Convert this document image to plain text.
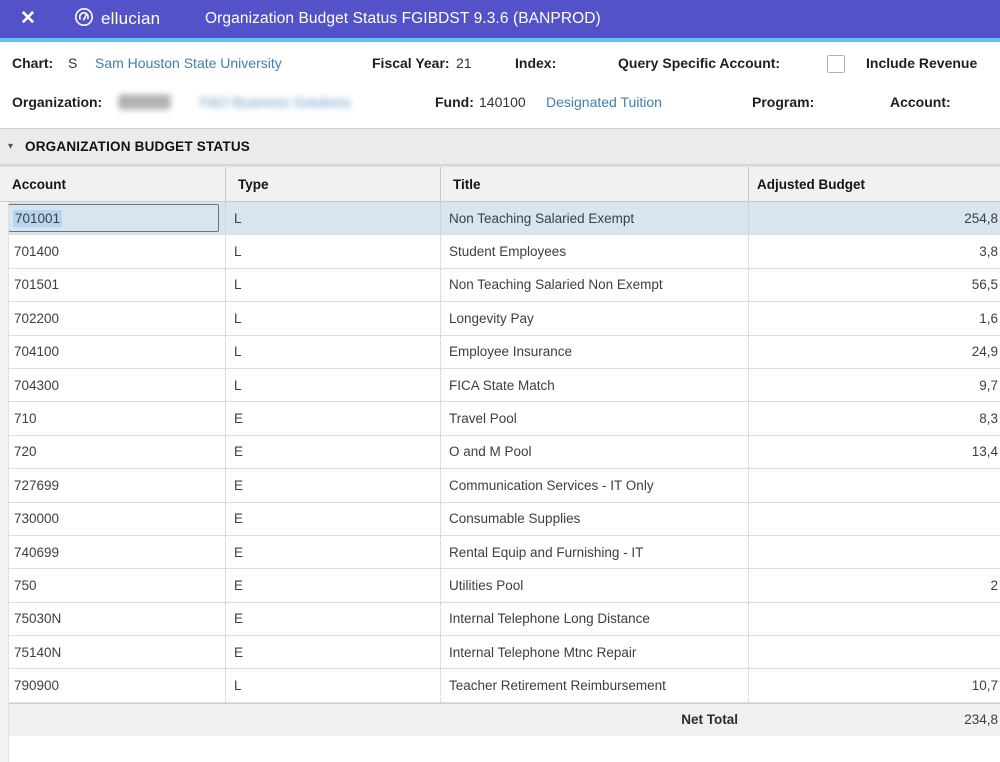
✕	ellucian	Organization Budget Status FGIBDST 9.3.6 (BANPROD)
Chart: S Sam Houston State University	Fiscal Year: 21	Index:	Query Specific Account:	Include Revenue
Organization: 630000 F&O Business Solutions	Fund: 140100 Designated Tuition	Program:	Account:
▾ ORGANIZATION BUDGET STATUS
Account	Type	Title	Adjusted Budget
701001	L	Non Teaching Salaried Exempt	254,8
701400	L	Student Employees	3,8
701501	L	Non Teaching Salaried Non Exempt	56,5
702200	L	Longevity Pay	1,6
704100	L	Employee Insurance	24,9
704300	L	FICA State Match	9,7
710	E	Travel Pool	8,3
720	E	O and M Pool	13,4
727699	E	Communication Services - IT Only
730000	E	Consumable Supplies
740699	E	Rental Equip and Furnishing - IT
750	E	Utilities Pool	2
75030N	E	Internal Telephone Long Distance
75140N	E	Internal Telephone Mtnc Repair
790900	L	Teacher Retirement Reimbursement	10,7
Net Total	234,8
